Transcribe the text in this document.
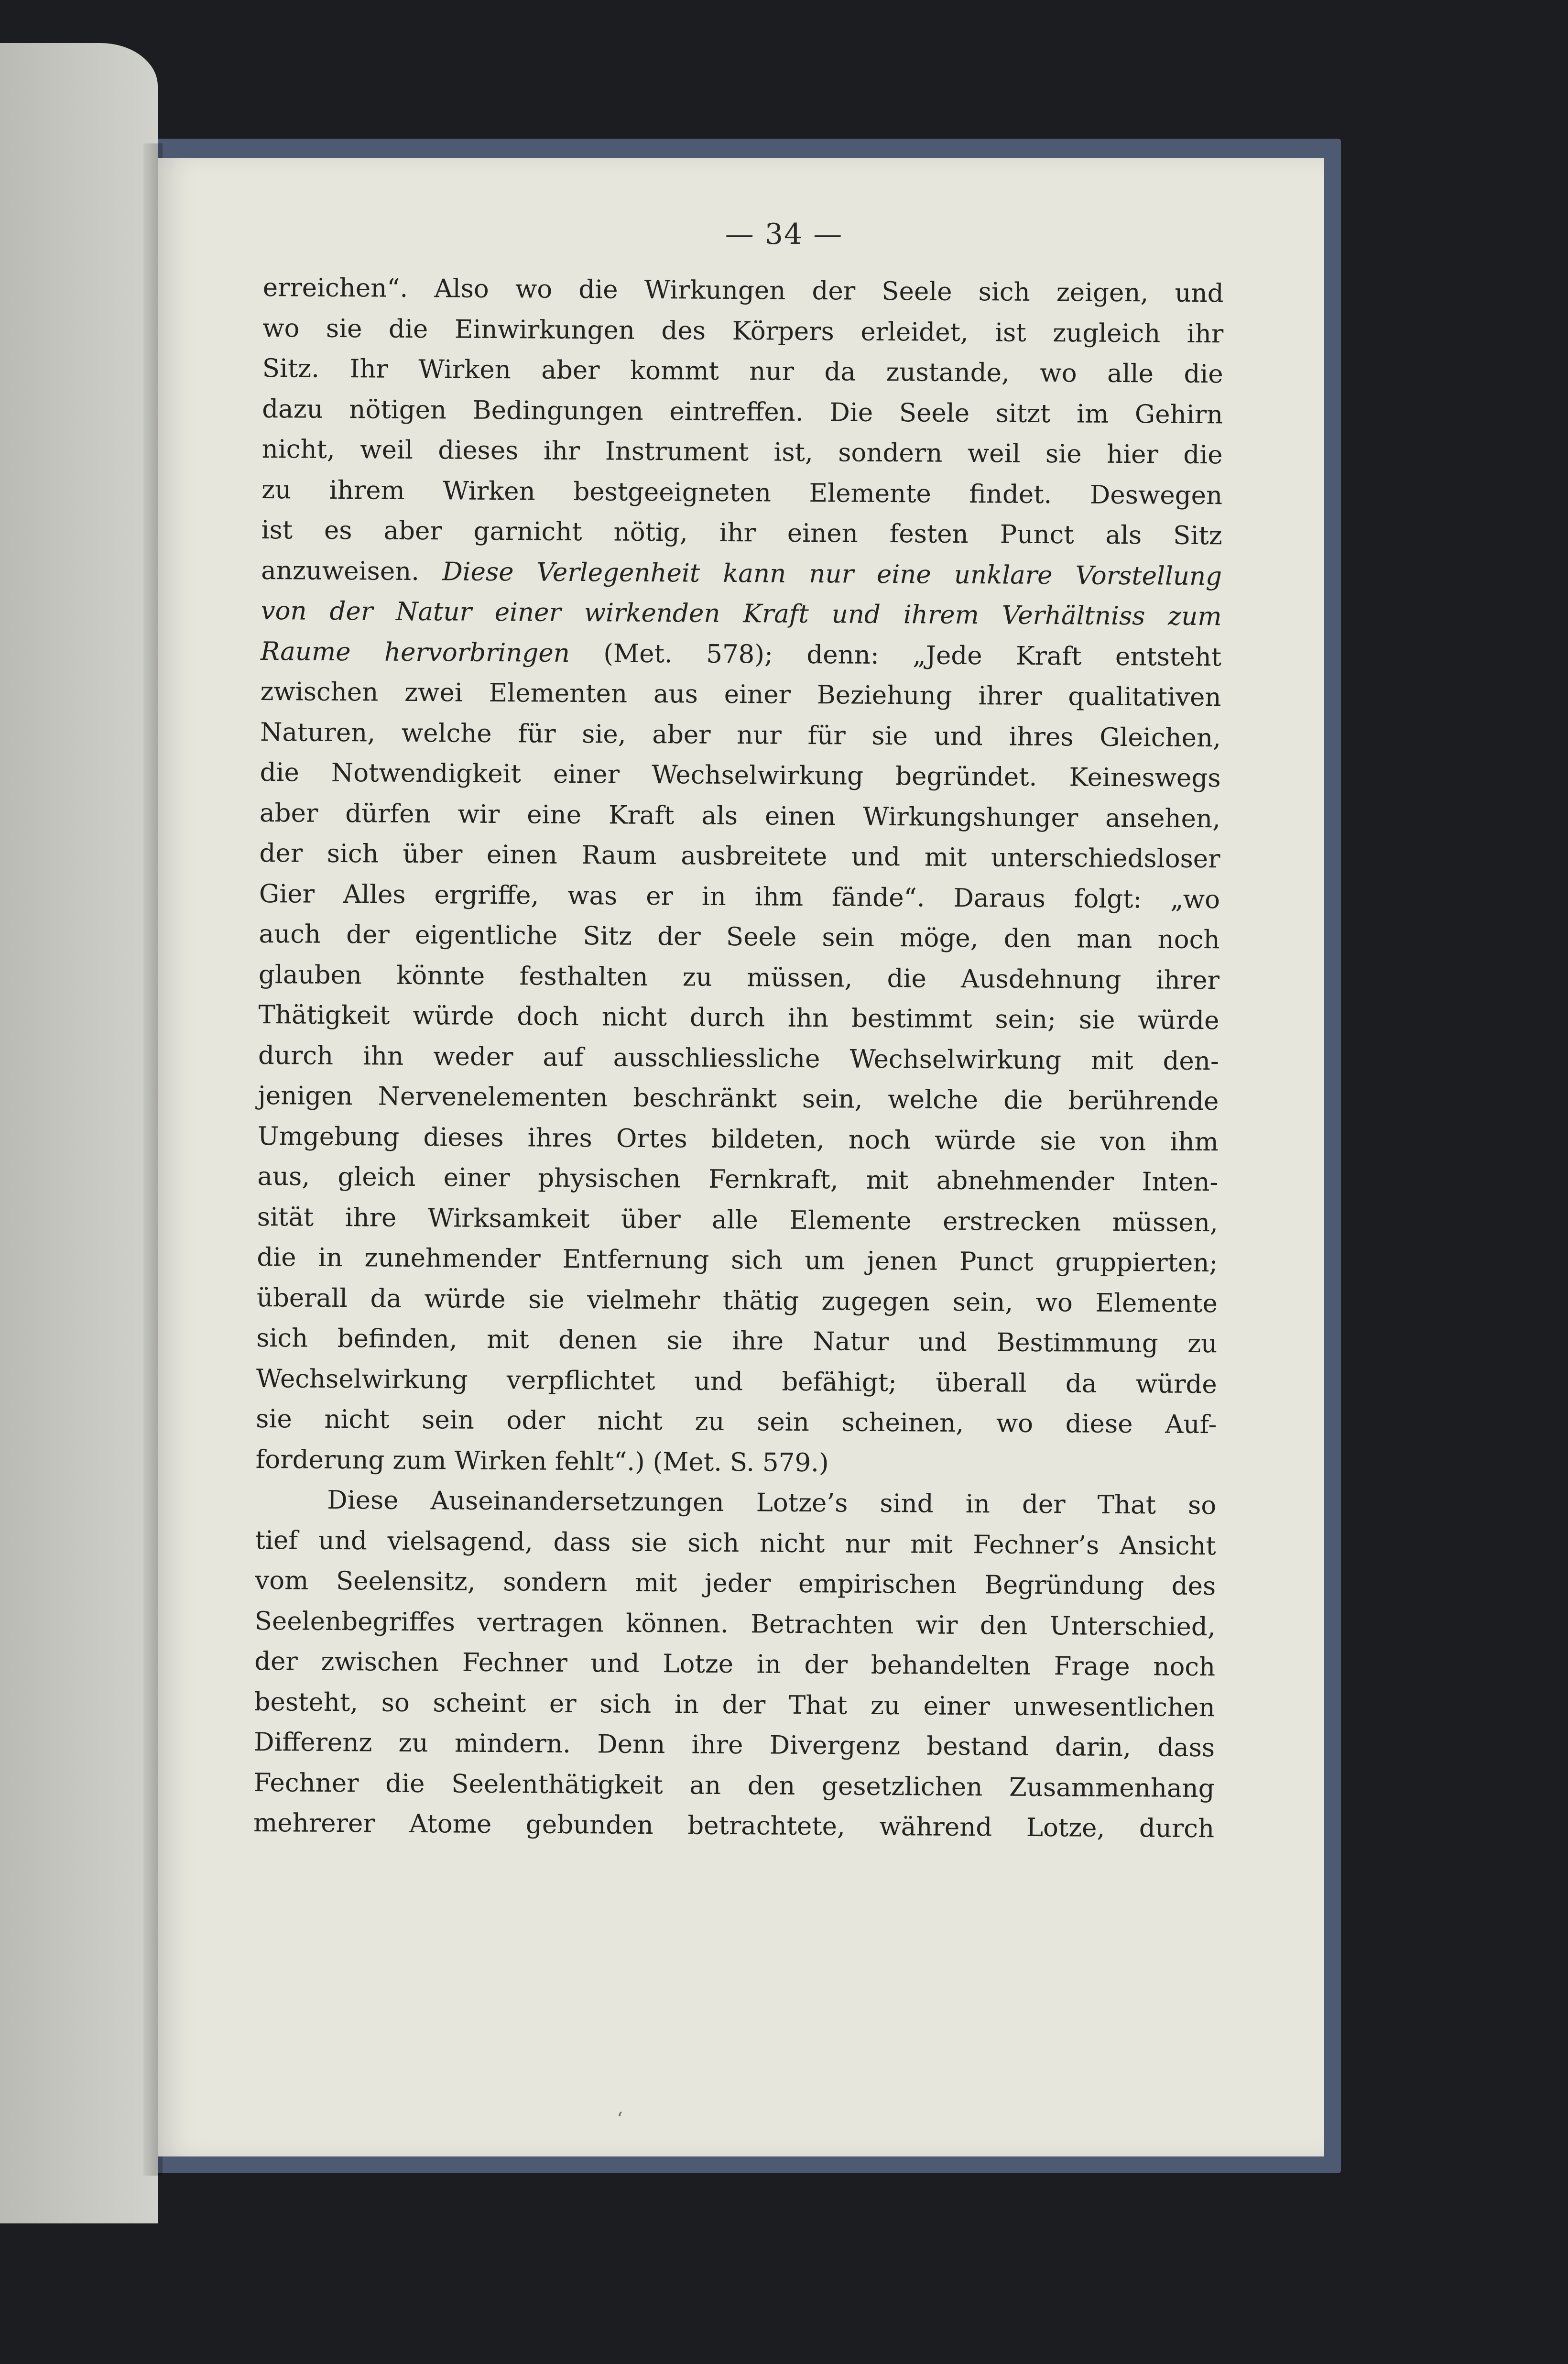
— 34 —
erreichen“. Also wo die Wirkungen der Seele sich zeigen, und
wo sie die Einwirkungen des Körpers erleidet, ist zugleich ihr
Sitz. Ihr Wirken aber kommt nur da zustande, wo alle die
dazu nötigen Bedingungen eintreffen. Die Seele sitzt im Gehirn
nicht, weil dieses ihr Instrument ist, sondern weil sie hier die
zu ihrem Wirken bestgeeigneten Elemente findet. Deswegen
ist es aber garnicht nötig, ihr einen festen Punct als Sitz
anzuweisen. Diese Verlegenheit kann nur eine unklare Vorstellung
von der Natur einer wirkenden Kraft und ihrem Verhältniss zum
Raume hervorbringen (Met. 578); denn: „Jede Kraft entsteht
zwischen zwei Elementen aus einer Beziehung ihrer qualitativen
Naturen, welche für sie, aber nur für sie und ihres Gleichen,
die Notwendigkeit einer Wechselwirkung begründet. Keineswegs
aber dürfen wir eine Kraft als einen Wirkungshunger ansehen,
der sich über einen Raum ausbreitete und mit unterschiedsloser
Gier Alles ergriffe, was er in ihm fände“. Daraus folgt: „wo
auch der eigentliche Sitz der Seele sein möge, den man noch
glauben könnte festhalten zu müssen, die Ausdehnung ihrer
Thätigkeit würde doch nicht durch ihn bestimmt sein; sie würde
durch ihn weder auf ausschliessliche Wechselwirkung mit den-
jenigen Nervenelementen beschränkt sein, welche die berührende
Umgebung dieses ihres Ortes bildeten, noch würde sie von ihm
aus, gleich einer physischen Fernkraft, mit abnehmender Inten-
sität ihre Wirksamkeit über alle Elemente erstrecken müssen,
die in zunehmender Entfernung sich um jenen Punct gruppierten;
überall da würde sie vielmehr thätig zugegen sein, wo Elemente
sich befinden, mit denen sie ihre Natur und Bestimmung zu
Wechselwirkung verpflichtet und befähigt; überall da würde
sie nicht sein oder nicht zu sein scheinen, wo diese Auf-
forderung zum Wirken fehlt“.) (Met. S. 579.)
Diese Auseinandersetzungen Lotze’s sind in der That so
tief und vielsagend, dass sie sich nicht nur mit Fechner’s Ansicht
vom Seelensitz, sondern mit jeder empirischen Begründung des
Seelenbegriffes vertragen können. Betrachten wir den Unterschied,
der zwischen Fechner und Lotze in der behandelten Frage noch
besteht, so scheint er sich in der That zu einer unwesentlichen
Differenz zu mindern. Denn ihre Divergenz bestand darin, dass
Fechner die Seelenthätigkeit an den gesetzlichen Zusammenhang
mehrerer Atome gebunden betrachtete, während Lotze, durch
‘
